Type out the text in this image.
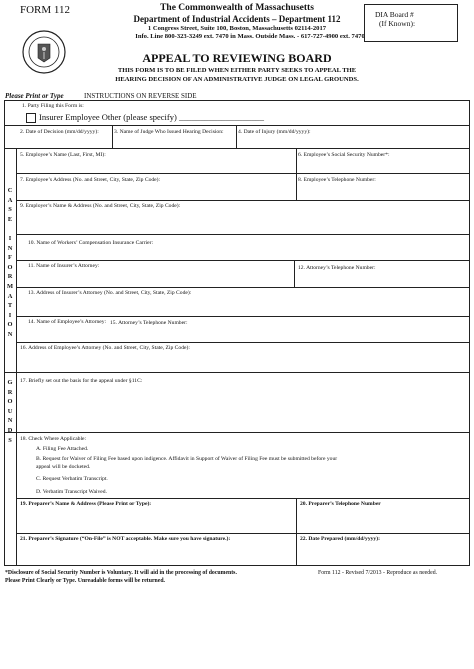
FORM 112	The Commonwealth of Massachusetts
Department of Industrial Accidents – Department 112
1 Congress Street, Suite 100, Boston, Massachusetts 02114-2017
Info. Line 800-323-3249 ext. 7470 in Mass. Outside Mass. - 617-727-4900 ext. 7470
DIA Board #
(If Known):
APPEAL TO REVIEWING BOARD
THIS FORM IS TO BE FILED WHEN EITHER PARTY SEEKS TO APPEAL THE
HEARING DECISION OF AN ADMINISTRATIVE JUDGE ON LEGAL GROUNDS.
Please Print or Type	INSTRUCTIONS ON REVERSE SIDE
C
A
S
E

I
N
F
O
R
M
A
T
I
O
N
G
R
O
U
N
D
S
1. Party Filing this Form is:
Insurer Employee Other (please specify) ____________________
2. Date of Decision (mm/dd/yyyy):	3. Name of Judge Who Issued Hearing Decision:	4. Date of Injury (mm/dd/yyyy):
5. Employee’s Name (Last, First, MI):	6. Employee’s Social Security Number*:
7. Employee’s Address (No. and Street, City, State, Zip Code):	8. Employee’s Telephone Number:
9. Employer’s Name & Address (No. and Street, City, State, Zip Code):
10. Name of Workers’ Compensation Insurance Carrier:
11. Name of Insurer’s Attorney:	12. Attorney’s Telephone Number:
13. Address of Insurer’s Attorney (No. and Street, City, State, Zip Code):
14. Name of Employee’s Attorney: 15. Attorney’s Telephone Number:
16. Address of Employee’s Attorney (No. and Street, City, State, Zip Code):
17. Briefly set out the basis for the appeal under §11C:
18. Check Where Applicable:
A. Filing Fee Attached.
B. Request for Waiver of Filing Fee based upon indigence. Affidavit in Support of Waiver of Filing Fee must be submitted before your
appeal will be docketed.
C. Request Verbatim Transcript.
D. Verbatim Transcript Waived.
19. Preparer’s Name & Address (Please Print or Type):	20. Preparer’s Telephone Number
21. Preparer’s Signature (“On-File” is NOT acceptable. Make sure you have signature.):	22. Date Prepared (mm/dd/yyyy):
*Disclosure of Social Security Number is Voluntary. It will aid in the processing of documents.
Please Print Clearly or Type. Unreadable forms will be returned.
Form 112 - Revised 7/2013 - Reproduce as needed.
